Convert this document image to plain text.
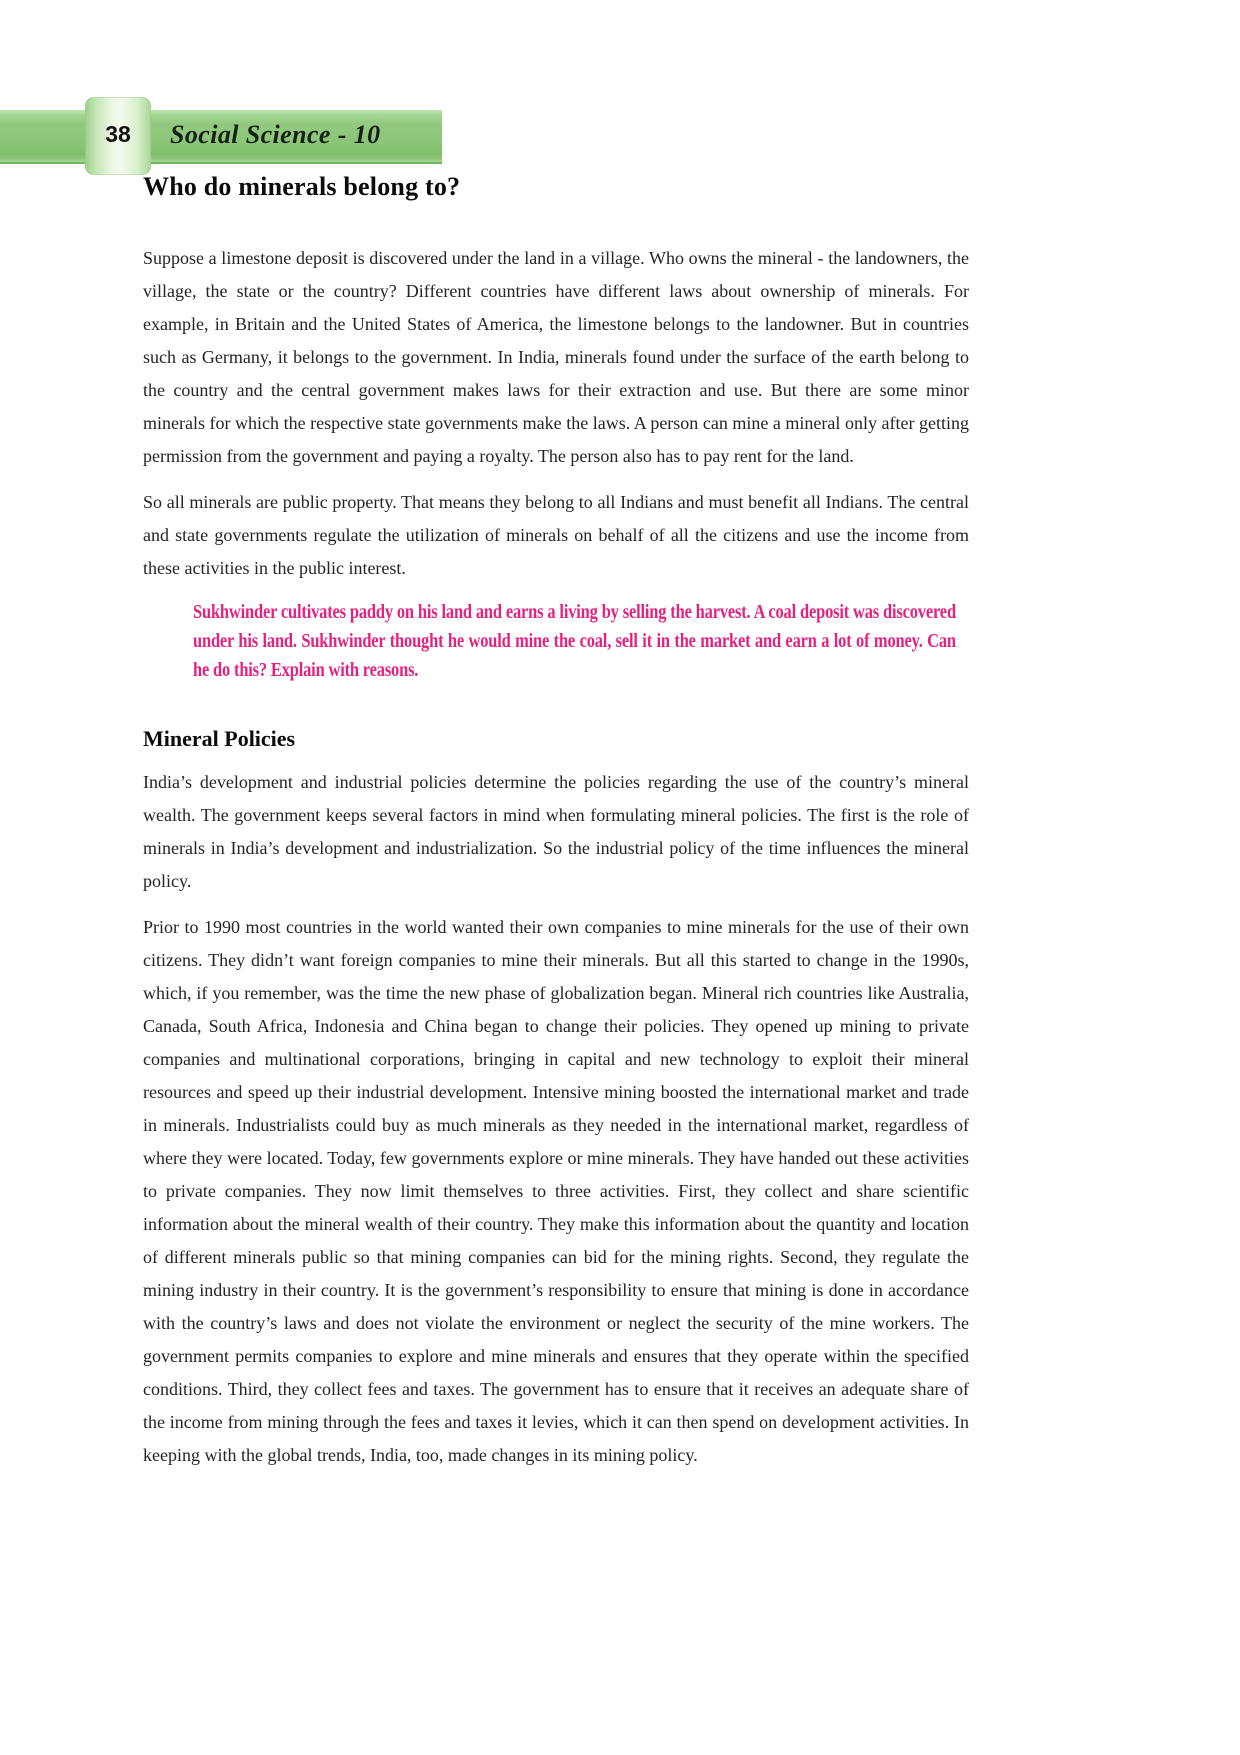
38	Social Science - 10
Who do minerals belong to?

Suppose a limestone deposit is discovered under the land in a village. Who owns the mineral - the landowners, the village, the state or the country? Different countries have different laws about ownership of minerals. For example, in Britain and the United States of America, the limestone belongs to the landowner. But in countries such as Germany, it belongs to the government. In India, minerals found under the surface of the earth belong to the country and the central government makes laws for their extraction and use. But there are some minor minerals for which the respective state governments make the laws. A person can mine a mineral only after getting permission from the government and paying a royalty. The person also has to pay rent for the land.

So all minerals are public property. That means they belong to all Indians and must benefit all Indians. The central and state governments regulate the utilization of minerals on behalf of all the citizens and use the income from these activities in the public interest.

Sukhwinder cultivates paddy on his land and earns a living by selling the harvest. A coal deposit was discovered under his land. Sukhwinder thought he would mine the coal, sell it in the market and earn a lot of money. Can he do this? Explain with reasons.

Mineral Policies

India’s development and industrial policies determine the policies regarding the use of the country’s mineral wealth. The government keeps several factors in mind when formulating mineral policies. The first is the role of minerals in India’s development and industrialization. So the industrial policy of the time influences the mineral policy.

Prior to 1990 most countries in the world wanted their own companies to mine minerals for the use of their own citizens. They didn’t want foreign companies to mine their minerals. But all this started to change in the 1990s, which, if you remember, was the time the new phase of globalization began. Mineral rich countries like Australia, Canada, South Africa, Indonesia and China began to change their policies. They opened up mining to private companies and multinational corporations, bringing in capital and new technology to exploit their mineral resources and speed up their industrial development. Intensive mining boosted the international market and trade in minerals. Industrialists could buy as much minerals as they needed in the international market, regardless of where they were located. Today, few governments explore or mine minerals. They have handed out these activities to private companies. They now limit themselves to three activities. First, they collect and share scientific information about the mineral wealth of their country. They make this information about the quantity and location of different minerals public so that mining companies can bid for the mining rights. Second, they regulate the mining industry in their country. It is the government’s responsibility to ensure that mining is done in accordance with the country’s laws and does not violate the environment or neglect the security of the mine workers. The government permits companies to explore and mine minerals and ensures that they operate within the specified conditions. Third, they collect fees and taxes. The government has to ensure that it receives an adequate share of the income from mining through the fees and taxes it levies, which it can then spend on development activities. In keeping with the global trends, India, too, made changes in its mining policy.
